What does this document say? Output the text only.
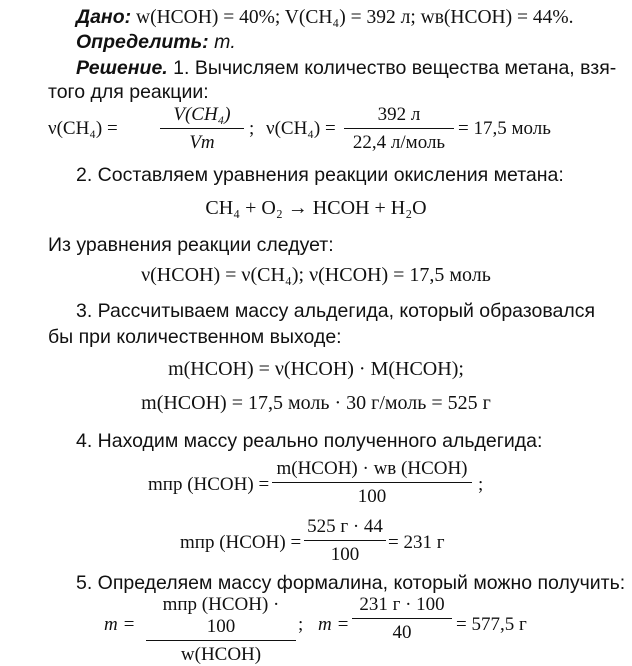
Дано: w(HCOH) = 40%; V(CH₄) = 392 л; wв(HCOH) = 44%.
Определить: m.
Решение. 1. Вычисляем количество вещества метана, взя-
того для реакции:
$\nu(CH_4) = \frac{\text{V(CH₄)}}{Vm}$ ; ν(CH₄) =
392 л
22,4 л/моль
= 17,5 моль
2. Составляем уравнения реакции окисления метана:
CH₄ + O₂ → HCOH + H₂O
Из уравнения реакции следует:
ν(HCOH) = ν(CH₄); ν(HCOH) = 17,5 моль
3. Рассчитываем массу альдегида, который образовался
бы при количественном выходе:
m(HCOH) = ν(HCOH) · M(HCOH);
m(HCOH) = 17,5 моль · 30 г/моль = 525 г
4. Находим массу реально полученного альдегида:
mпр (HCOH) =
m(HCOH) · wв (HCOH)
100
;
mпр (HCOH) =
525 г · 44
100
= 231 г
5. Определяем массу формалина, который можно получить:
m =
mпр (HCOH) · 100
w(HCOH)
; m =
231 г · 100
40	= 577,5 г
